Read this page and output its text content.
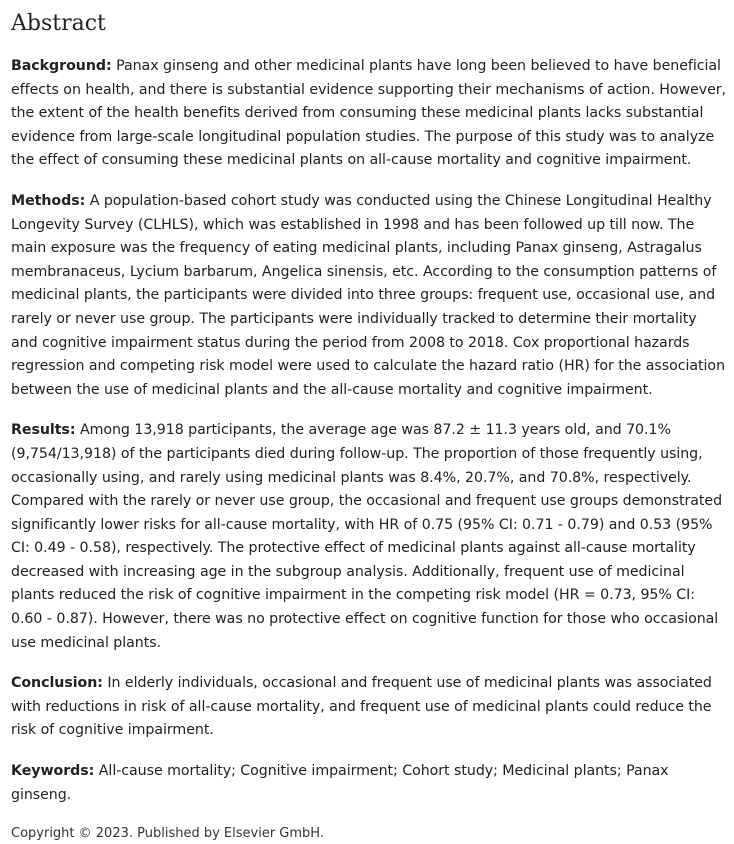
Abstract

Background: Panax ginseng and other medicinal plants have long been believed to have beneficial effects on health, and there is substantial evidence supporting their mechanisms of action. However, the extent of the health benefits derived from consuming these medicinal plants lacks substantial evidence from large-scale longitudinal population studies. The purpose of this study was to analyze the effect of consuming these medicinal plants on all-cause mortality and cognitive impairment.

Methods: A population-based cohort study was conducted using the Chinese Longitudinal Healthy Longevity Survey (CLHLS), which was established in 1998 and has been followed up till now. The main exposure was the frequency of eating medicinal plants, including Panax ginseng, Astragalus membranaceus, Lycium barbarum, Angelica sinensis, etc. According to the consumption patterns of medicinal plants, the participants were divided into three groups: frequent use, occasional use, and rarely or never use group. The participants were individually tracked to determine their mortality and cognitive impairment status during the period from 2008 to 2018. Cox proportional hazards regression and competing risk model were used to calculate the hazard ratio (HR) for the association between the use of medicinal plants and the all-cause mortality and cognitive impairment.

Results: Among 13,918 participants, the average age was 87.2 ± 11.3 years old, and 70.1% (9,754/13,918) of the participants died during follow-up. The proportion of those frequently using, occasionally using, and rarely using medicinal plants was 8.4%, 20.7%, and 70.8%, respectively. Compared with the rarely or never use group, the occasional and frequent use groups demonstrated significantly lower risks for all-cause mortality, with HR of 0.75 (95% CI: 0.71 - 0.79) and 0.53 (95% CI: 0.49 - 0.58), respectively. The protective effect of medicinal plants against all-cause mortality decreased with increasing age in the subgroup analysis. Additionally, frequent use of medicinal plants reduced the risk of cognitive impairment in the competing risk model (HR = 0.73, 95% CI: 0.60 - 0.87). However, there was no protective effect on cognitive function for those who occasional use medicinal plants.

Conclusion: In elderly individuals, occasional and frequent use of medicinal plants was associated with reductions in risk of all-cause mortality, and frequent use of medicinal plants could reduce the risk of cognitive impairment.

Keywords: All-cause mortality; Cognitive impairment; Cohort study; Medicinal plants; Panax ginseng.

Copyright © 2023. Published by Elsevier GmbH.
